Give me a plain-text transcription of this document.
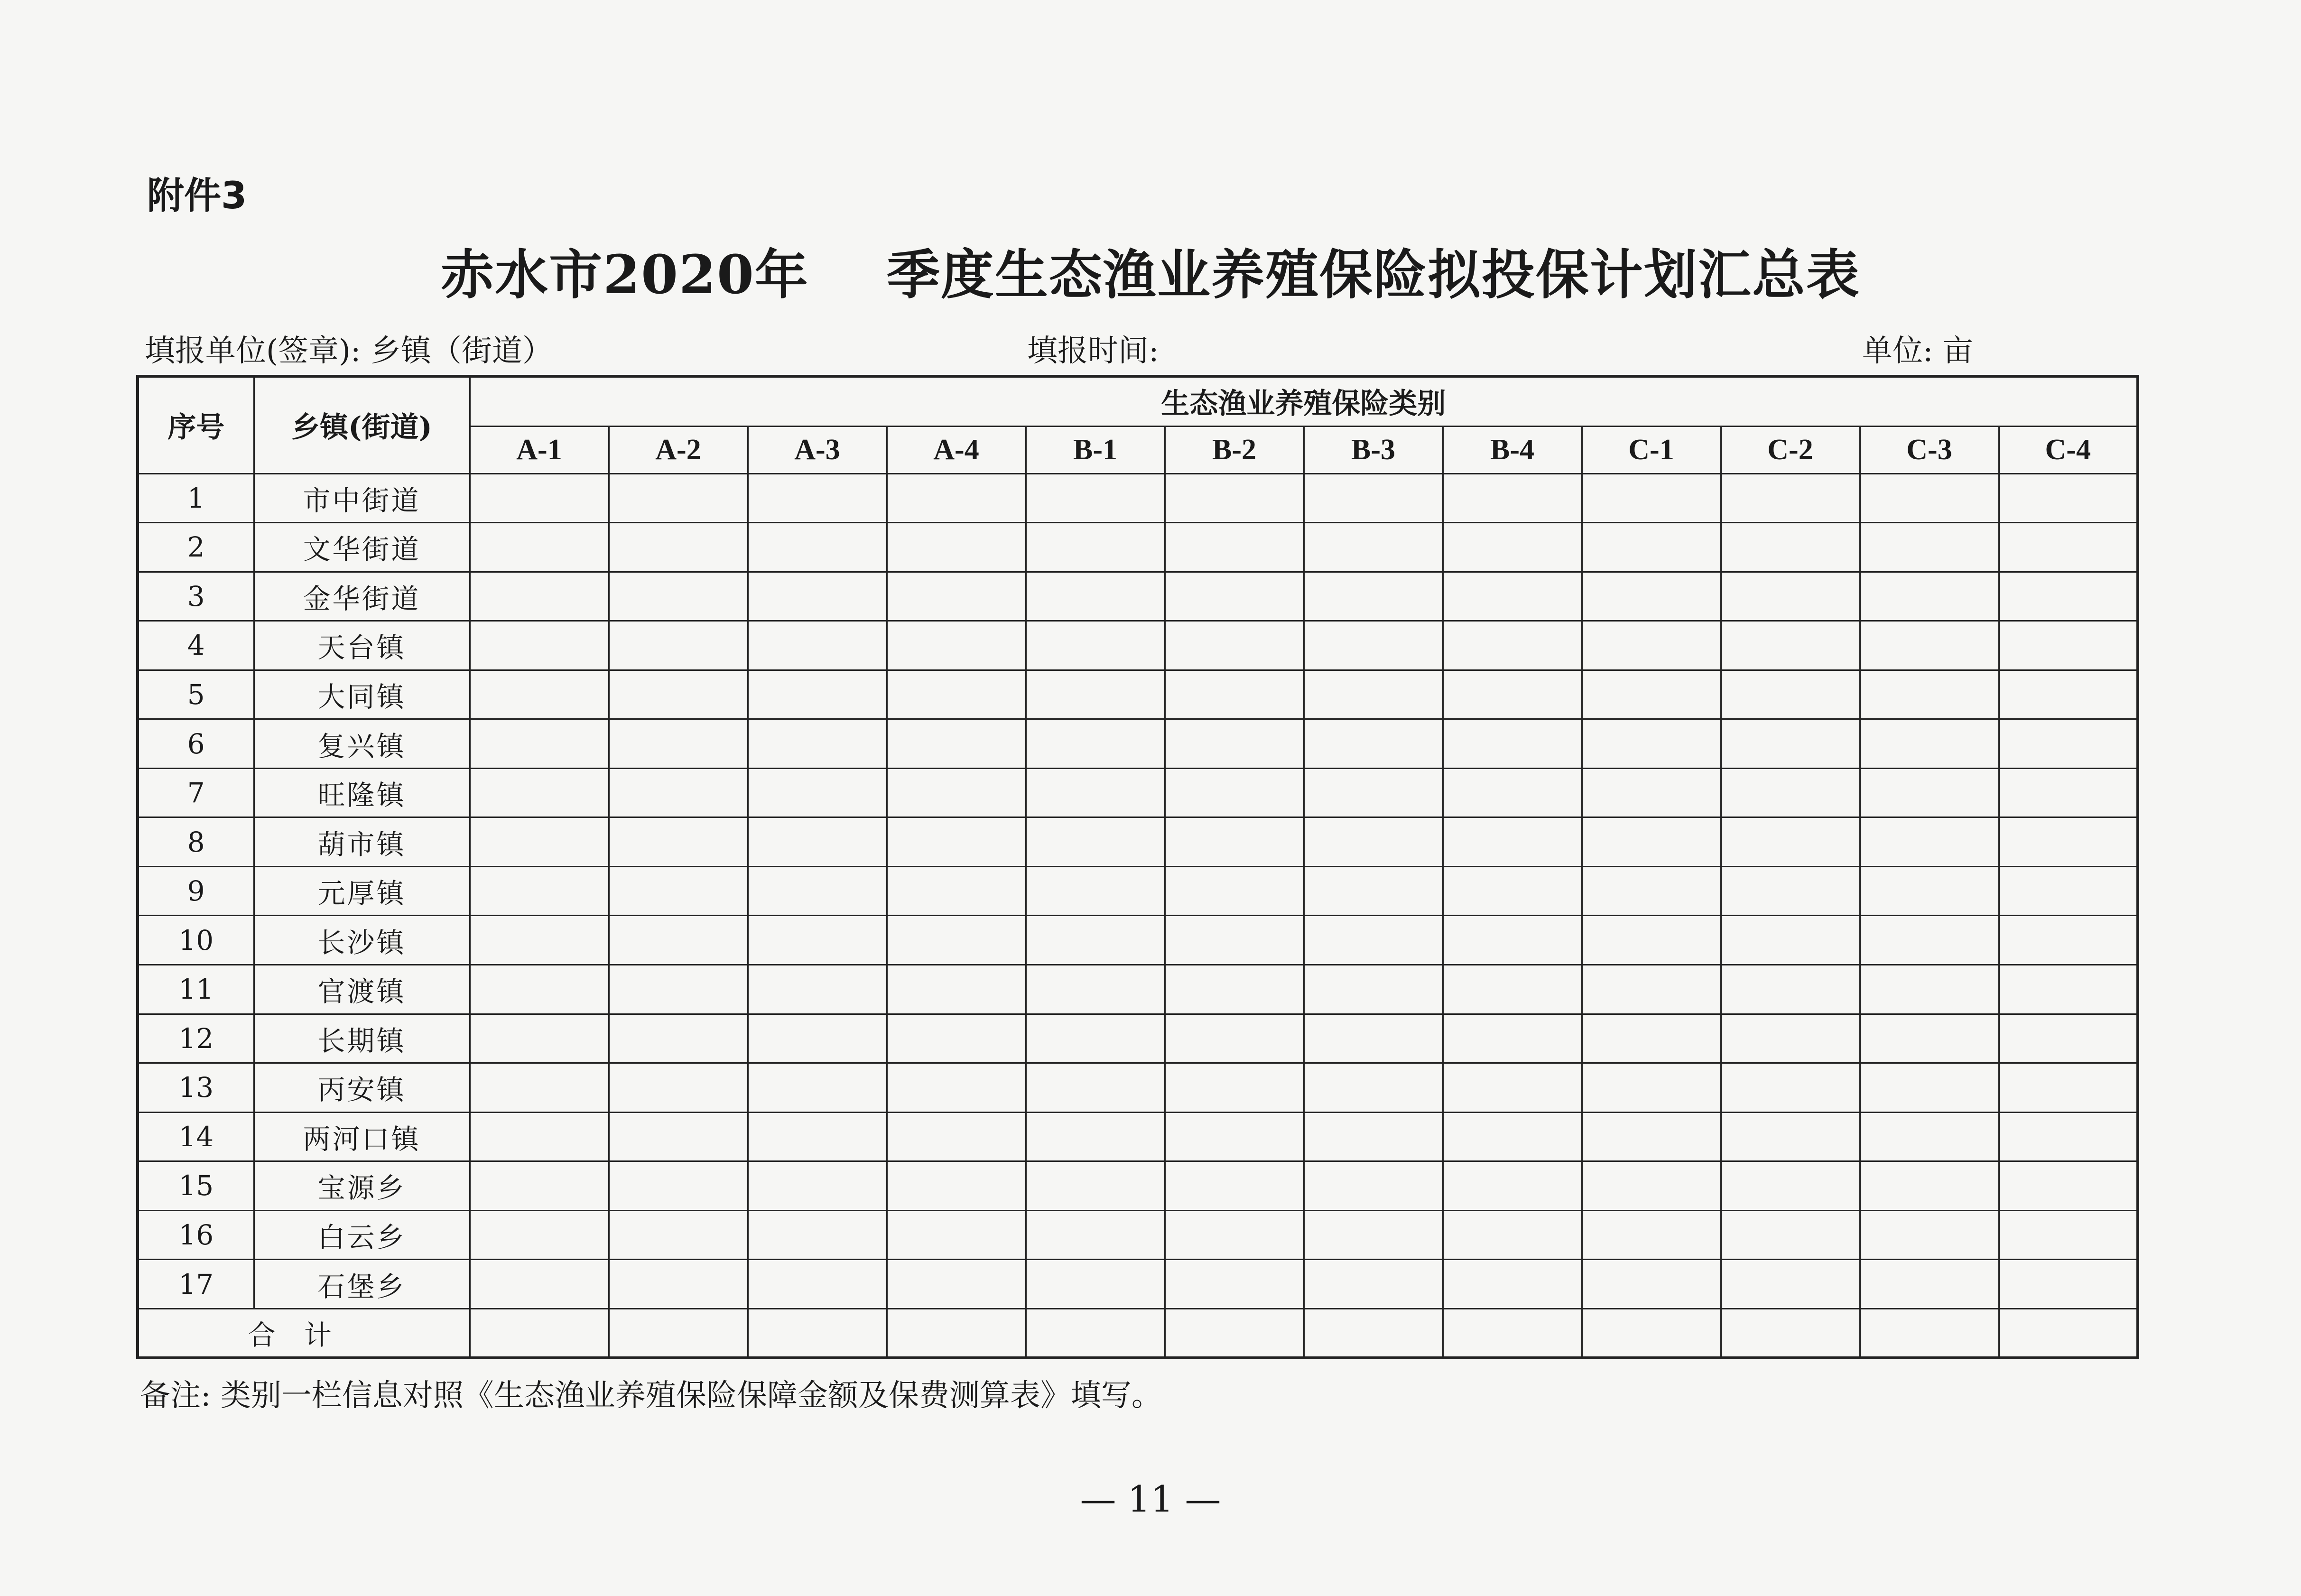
附件3
赤水市2020年    季度生态渔业养殖保险拟投保计划汇总表
填报单位(签章): 乡镇（街道）	填报时间:	单位: 亩
序号	乡镇(街道)	生态渔业养殖保险类别											
		A-1	A-2	A-3	A-4	B-1	B-2	B-3	B-4	C-1	C-2	C-3	C-4
1	市中街道												
2	文华街道												
3	金华街道												
4	天台镇												
5	大同镇												
6	复兴镇												
7	旺隆镇												
8	葫市镇												
9	元厚镇												
10	长沙镇												
11	官渡镇												
12	长期镇												
13	丙安镇												
14	两河口镇												
15	宝源乡												
16	白云乡												
17	石堡乡												
合计													
备注: 类别一栏信息对照《生态渔业养殖保险保障金额及保费测算表》填写。
— 11 —
